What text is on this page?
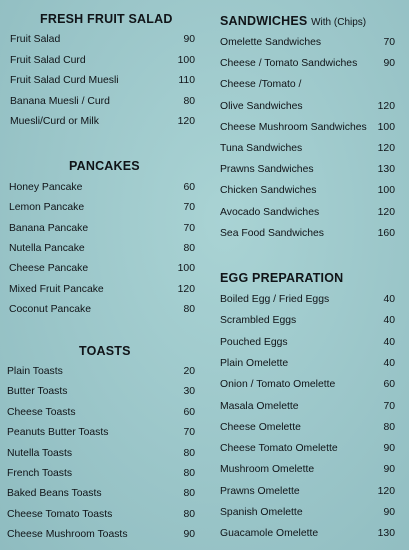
FRESH FRUIT SALAD
PANCAKES
TOASTS
Fruit Salad	90
Fruit Salad Curd	100
Fruit Salad Curd Muesli	110
Banana Muesli / Curd	80
Muesli/Curd or Milk	120
Honey Pancake	60
Lemon Pancake	70
Banana Pancake	70
Nutella Pancake	80
Cheese Pancake	100
Mixed Fruit Pancake	120
Coconut Pancake	80
Plain Toasts	20
Butter Toasts	30
Cheese Toasts	60
Peanuts Butter Toasts	70
Nutella Toasts	80
French Toasts	80
Baked Beans Toasts	80
Cheese Tomato Toasts	80
Cheese Mushroom Toasts	90
SANDWICHES With (Chips)
EGG PREPARATION
Omelette Sandwiches	70
Cheese / Tomato Sandwiches	90
Cheese /Tomato /
Olive Sandwiches	120
Cheese Mushroom Sandwiches	100
Tuna Sandwiches	120
Prawns Sandwiches	130
Chicken Sandwiches	100
Avocado Sandwiches	120
Sea Food Sandwiches	160
Boiled Egg / Fried Eggs	40
Scrambled Eggs	40
Pouched Eggs	40
Plain Omelette	40
Onion / Tomato Omelette	60
Masala Omelette	70
Cheese Omelette	80
Cheese Tomato Omelette	90
Mushroom Omelette	90
Prawns Omelette	120
Spanish Omelette	90
Guacamole Omelette	130
